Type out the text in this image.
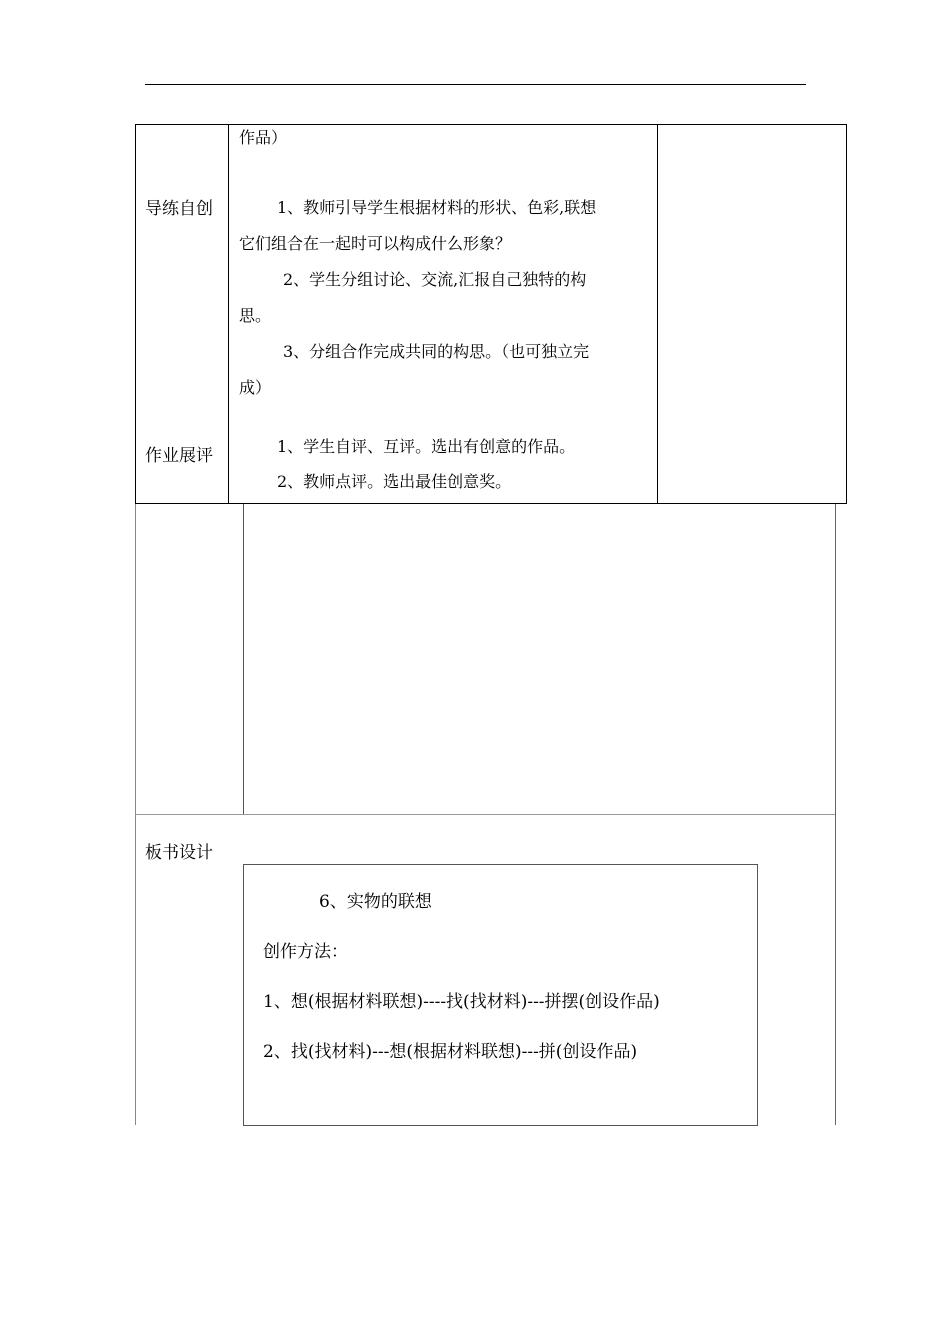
作品）
导练自创	1、教师引导学生根据材料的形状、色彩,联想
它们组合在一起时可以构成什么形象？
2、学生分组讨论、交流,汇报自己独特的构
思。
3、分组合作完成共同的构思。（也可独立完
成）
作业展评	1、学生自评、互评。选出有创意的作品。
2、教师点评。选出最佳创意奖。
板书设计
6、实物的联想
创作方法：
1、想(根据材料联想)----找(找材料)---拼摆(创设作品)
2、找(找材料)---想(根据材料联想)---拼(创设作品)
